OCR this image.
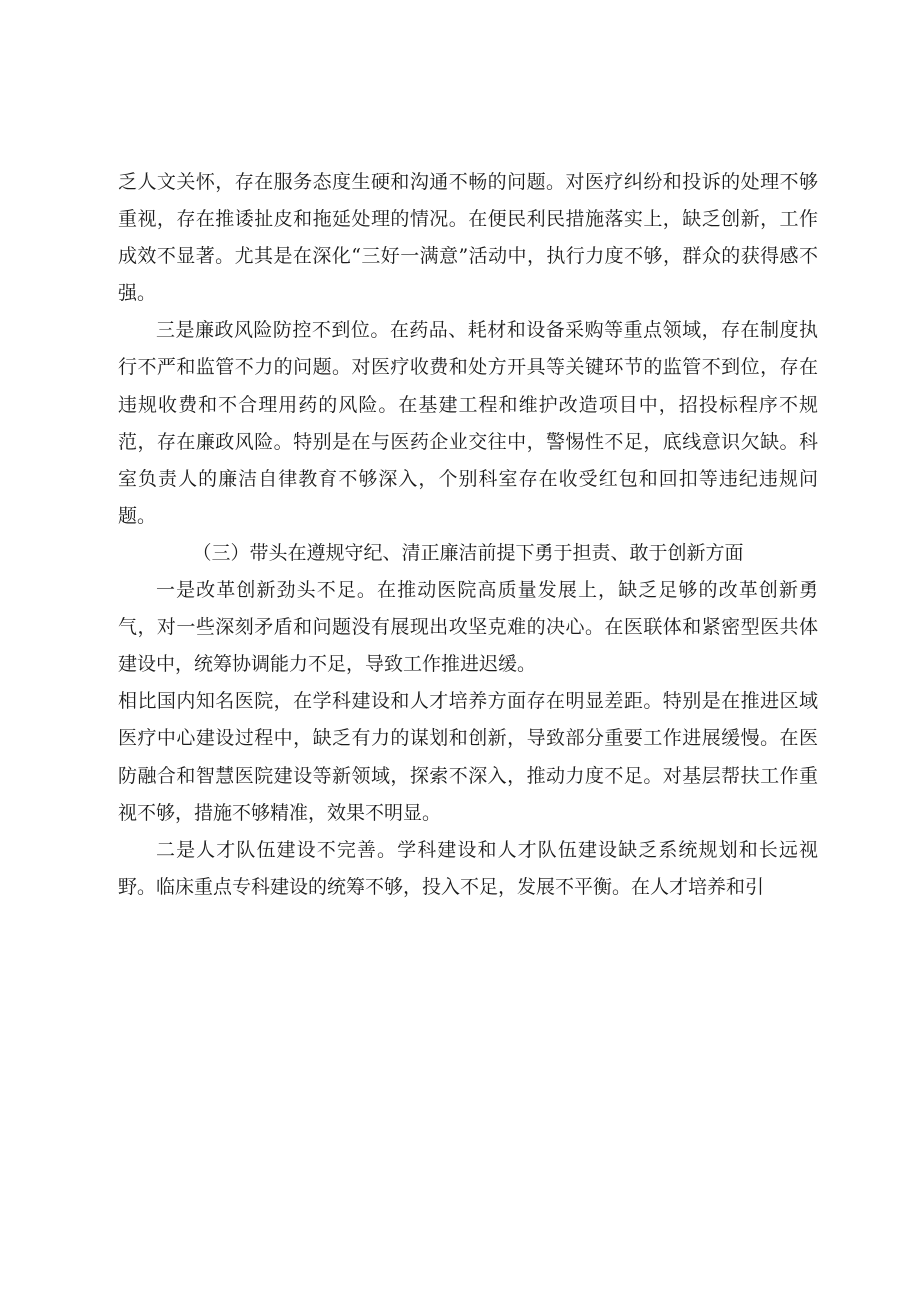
乏人文关怀，存在服务态度生硬和沟通不畅的问题。对医疗纠纷和投诉的处理不够重视，存在推诿扯皮和拖延处理的情况。在便民利民措施落实上，缺乏创新，工作成效不显著。尤其是在深化“三好一满意”活动中，执行力度不够，群众的获得感不强。

三是廉政风险防控不到位。在药品、耗材和设备采购等重点领域，存在制度执行不严和监管不力的问题。对医疗收费和处方开具等关键环节的监管不到位，存在违规收费和不合理用药的风险。在基建工程和维护改造项目中，招投标程序不规范，存在廉政风险。特别是在与医药企业交往中，警惕性不足，底线意识欠缺。科室负责人的廉洁自律教育不够深入，个别科室存在收受红包和回扣等违纪违规问题。

（三）带头在遵规守纪、清正廉洁前提下勇于担责、敢于创新方面

一是改革创新劲头不足。在推动医院高质量发展上，缺乏足够的改革创新勇气，对一些深刻矛盾和问题没有展现出攻坚克难的决心。在医联体和紧密型医共体建设中，统筹协调能力不足，导致工作推进迟缓。

相比国内知名医院，在学科建设和人才培养方面存在明显差距。特别是在推进区域医疗中心建设过程中，缺乏有力的谋划和创新，导致部分重要工作进展缓慢。在医防融合和智慧医院建设等新领域，探索不深入，推动力度不足。对基层帮扶工作重视不够，措施不够精准，效果不明显。

二是人才队伍建设不完善。学科建设和人才队伍建设缺乏系统规划和长远视野。临床重点专科建设的统筹不够，投入不足，发展不平衡。在人才培养和引
